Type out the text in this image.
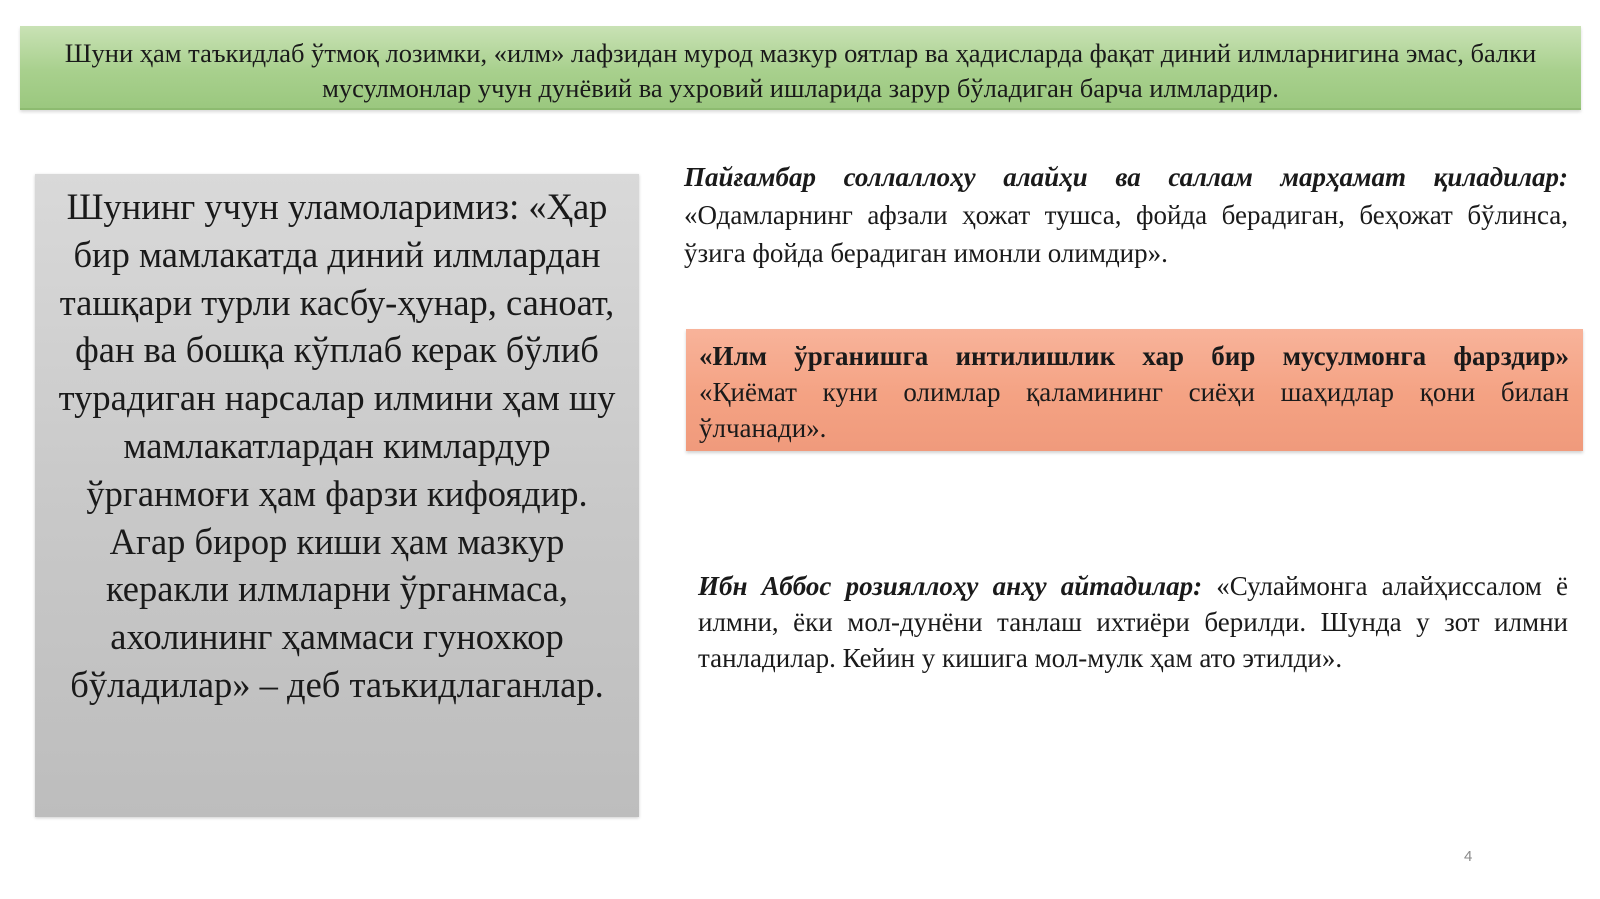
Шуни ҳам таъкидлаб ўтмоқ лозимки, «илм» лафзидан мурод мазкур оятлар ва ҳадисларда фақат диний илмларнигина эмас, балки мусулмонлар учун дунёвий ва ухровий ишларида зарур бўладиган барча илмлардир.
Шунинг учун уламоларимиз: «Ҳар бир мамлакатда диний илмлардан ташқари турли касбу-ҳунар, саноат, фан ва бошқа кўплаб керак бўлиб турадиган нарсалар илмини ҳам шу мамлакатлардан кимлардур ўрганмоғи ҳам фарзи кифоядир. Агар бирор киши ҳам мазкур керакли илмларни ўрганмаса, ахолининг ҳаммаси гунохкор бўладилар» – деб таъкидлаганлар.
Пайғамбар соллаллоҳу алайҳи ва саллам марҳамат қиладилар:
«Одамларнинг афзали ҳожат тушса, фойда берадиган, беҳожат бўлинса, ўзига фойда берадиган имонли олимдир».
«Илм ўрганишга интилишлик хар бир мусулмонга фарздир»
«Қиёмат куни олимлар қаламининг сиёҳи шаҳидлар қони билан ўлчанади».
Ибн Аббос розияллоҳу анҳу айтадилар: «Сулаймонга алайҳиссалом ё илмни, ёки мол-дунёни танлаш ихтиёри берилди. Шунда у зот илмни танладилар. Кейин у кишига мол-мулк ҳам ато этилди».
4
